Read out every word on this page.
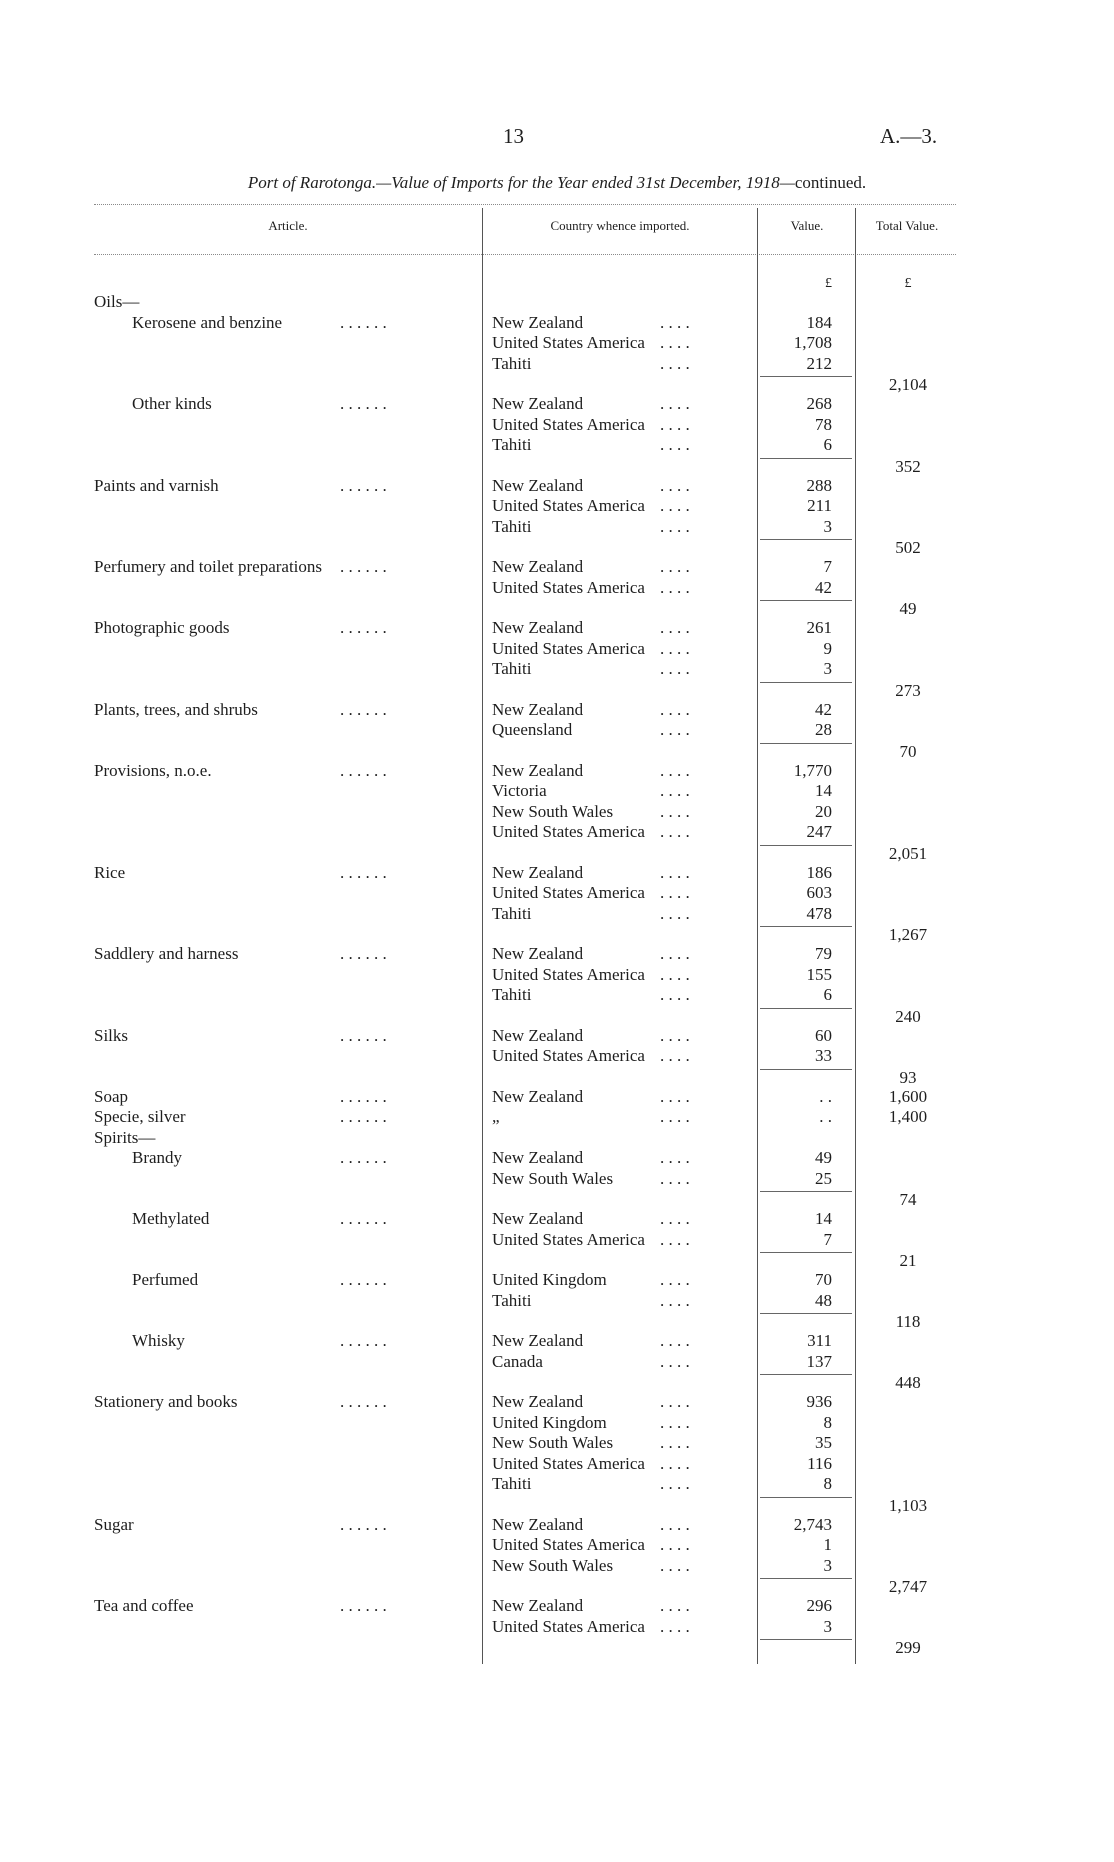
13	A.—3.
Port of Rarotonga.—Value of Imports for the Year ended 31st December, 1918—continued.
Article.	Country whence imported.	Value.	Total Value.
£	£
Oils—
Kerosene and benzine	. . . . . .	New Zealand	. . . .	184
United States America . . . .	1,708
Tahiti	. . . .	212
2,104
Other kinds	. . . . . .	New Zealand	. . . .	268
United States America . . . .	78
Tahiti	. . . .	6
352
Paints and varnish	. . . . . .	New Zealand	. . . .	288
United States America . . . .	211
Tahiti	. . . .	3
502
Perfumery and toilet preparations . . . . . .	New Zealand	. . . .	7
United States America . . . .	42
49
Photographic goods	. . . . . .	New Zealand	. . . .	261
United States America . . . .	9
Tahiti	. . . .	3
273
Plants, trees, and shrubs	. . . . . .	New Zealand	. . . .	42
Queensland	. . . .	28
70
Provisions, n.o.e.	. . . . . .	New Zealand	. . . .	1,770
Victoria	. . . .	14
New South Wales	. . . .	20
United States America . . . .	247
2,051
Rice	. . . . . .	New Zealand	. . . .	186
United States America . . . .	603
Tahiti	. . . .	478
1,267
Saddlery and harness	. . . . . .	New Zealand	. . . .	79
United States America . . . .	155
Tahiti	. . . .	6
240
Silks	. . . . . .	New Zealand	. . . .	60
United States America . . . .	33
93
Soap	. . . . . .	New Zealand	. . . .	. .	1,600
Specie, silver	. . . . . .	„	. . . .	. .	1,400
Spirits—
Brandy	. . . . . .	New Zealand	. . . .	49
New South Wales	. . . .	25
74
Methylated	. . . . . .	New Zealand	. . . .	14
United States America . . . .	7
21
Perfumed	. . . . . .	United Kingdom	. . . .	70
Tahiti	. . . .	48
118
Whisky	. . . . . .	New Zealand	. . . .	311
Canada	. . . .	137
448
Stationery and books	. . . . . .	New Zealand	. . . .	936
United Kingdom	. . . .	8
New South Wales	. . . .	35
United States America . . . .	116
Tahiti	. . . .	8
1,103
Sugar	. . . . . .	New Zealand	. . . .	2,743
United States America . . . .	1
New South Wales	. . . .	3
2,747
Tea and coffee	. . . . . .	New Zealand	. . . .	296
United States America . . . .	3
299
